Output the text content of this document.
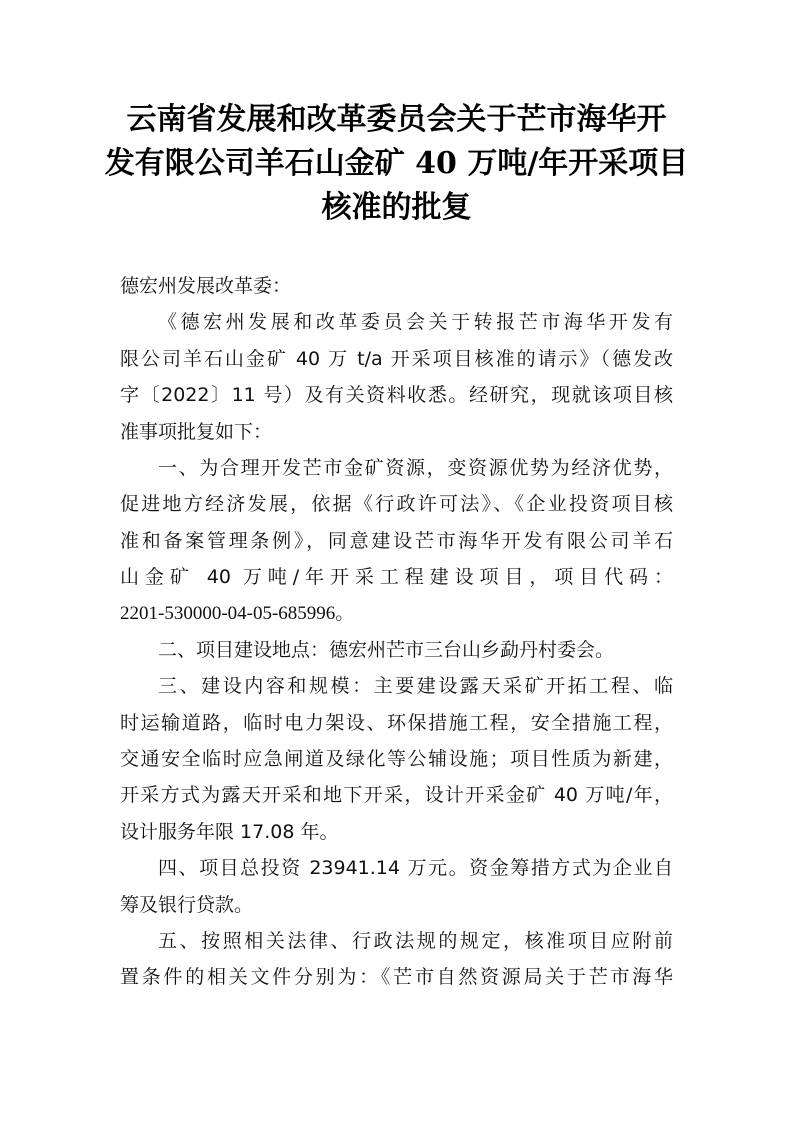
云南省发展和改革委员会关于芒市海华开
发有限公司羊石山金矿 40 万吨/年开采项目
核准的批复
德宏州发展改革委：
《德宏州发展和改革委员会关于转报芒市海华开发有
限公司羊石山金矿 40 万 t/a 开采项目核准的请示》（德发改
字〔2022〕11 号）及有关资料收悉。经研究，现就该项目核
准事项批复如下：
一、为合理开发芒市金矿资源，变资源优势为经济优势，
促进地方经济发展，依据《行政许可法》、《企业投资项目核
准和备案管理条例》，同意建设芒市海华开发有限公司羊石
山金矿 40 万吨/年开采工程建设项目，项目代码：
2201-530000-04-05-685996。
二、项目建设地点：德宏州芒市三台山乡勐丹村委会。
三、建设内容和规模：主要建设露天采矿开拓工程、临
时运输道路，临时电力架设、环保措施工程，安全措施工程，
交通安全临时应急闸道及绿化等公辅设施；项目性质为新建，
开采方式为露天开采和地下开采，设计开采金矿 40 万吨/年，
设计服务年限 17.08 年。
四、项目总投资 23941.14 万元。资金筹措方式为企业自
筹及银行贷款。
五、按照相关法律、行政法规的规定，核准项目应附前
置条件的相关文件分别为：《芒市自然资源局关于芒市海华
